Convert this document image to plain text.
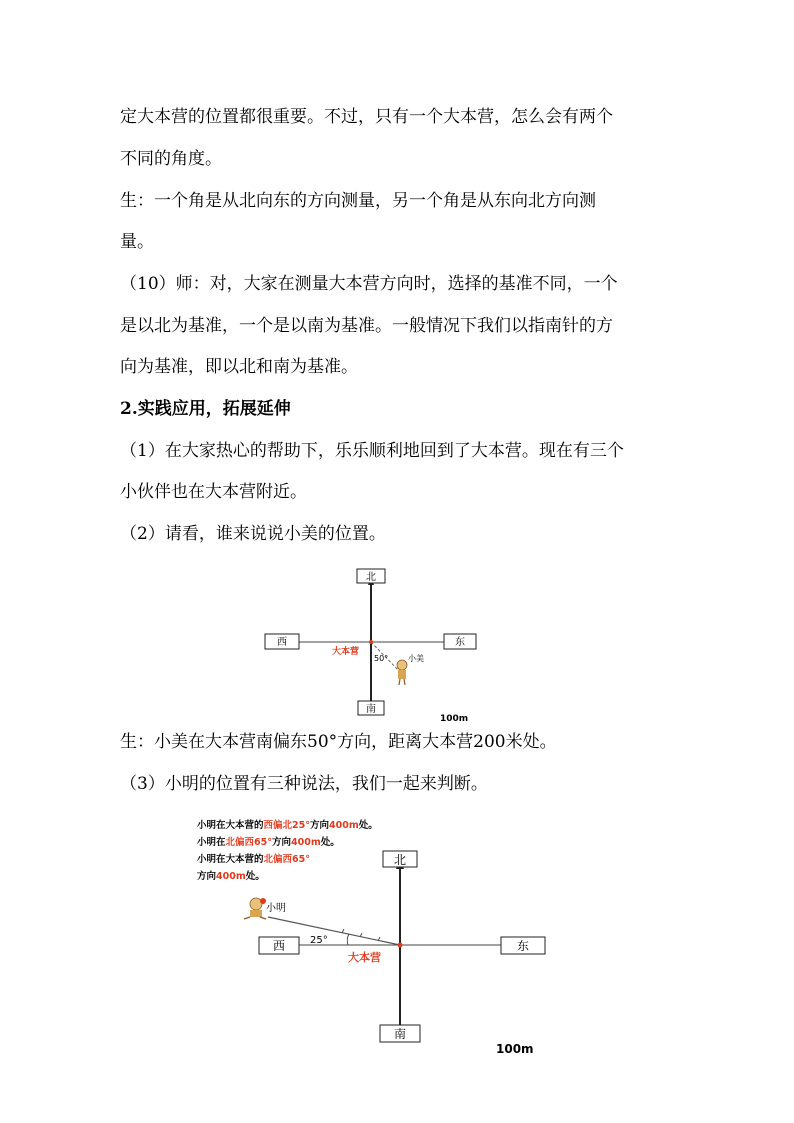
定大本营的位置都很重要。不过，只有一个大本营，怎么会有两个
不同的角度。
生：一个角是从北向东的方向测量，另一个角是从东向北方向测
量。
（10）师：对，大家在测量大本营方向时，选择的基准不同，一个
是以北为基准，一个是以南为基准。一般情况下我们以指南针的方
向为基准，即以北和南为基准。
2.实践应用，拓展延伸
（1）在大家热心的帮助下，乐乐顺利地回到了大本营。现在有三个
小伙伴也在大本营附近。
（2）请看，谁来说说小美的位置。
北
西	东
南
大本营
50° 小美
100m
生：小美在大本营南偏东50°方向，距离大本营200米处。
（3）小明的位置有三种说法，我们一起来判断。
小明在大本营的西偏北25°方向400m处。
小明在北偏西65°方向400m处。
小明在大本营的北偏西65°
方向400m处。
北
西	东
南
25°
大本营
小明
100m
